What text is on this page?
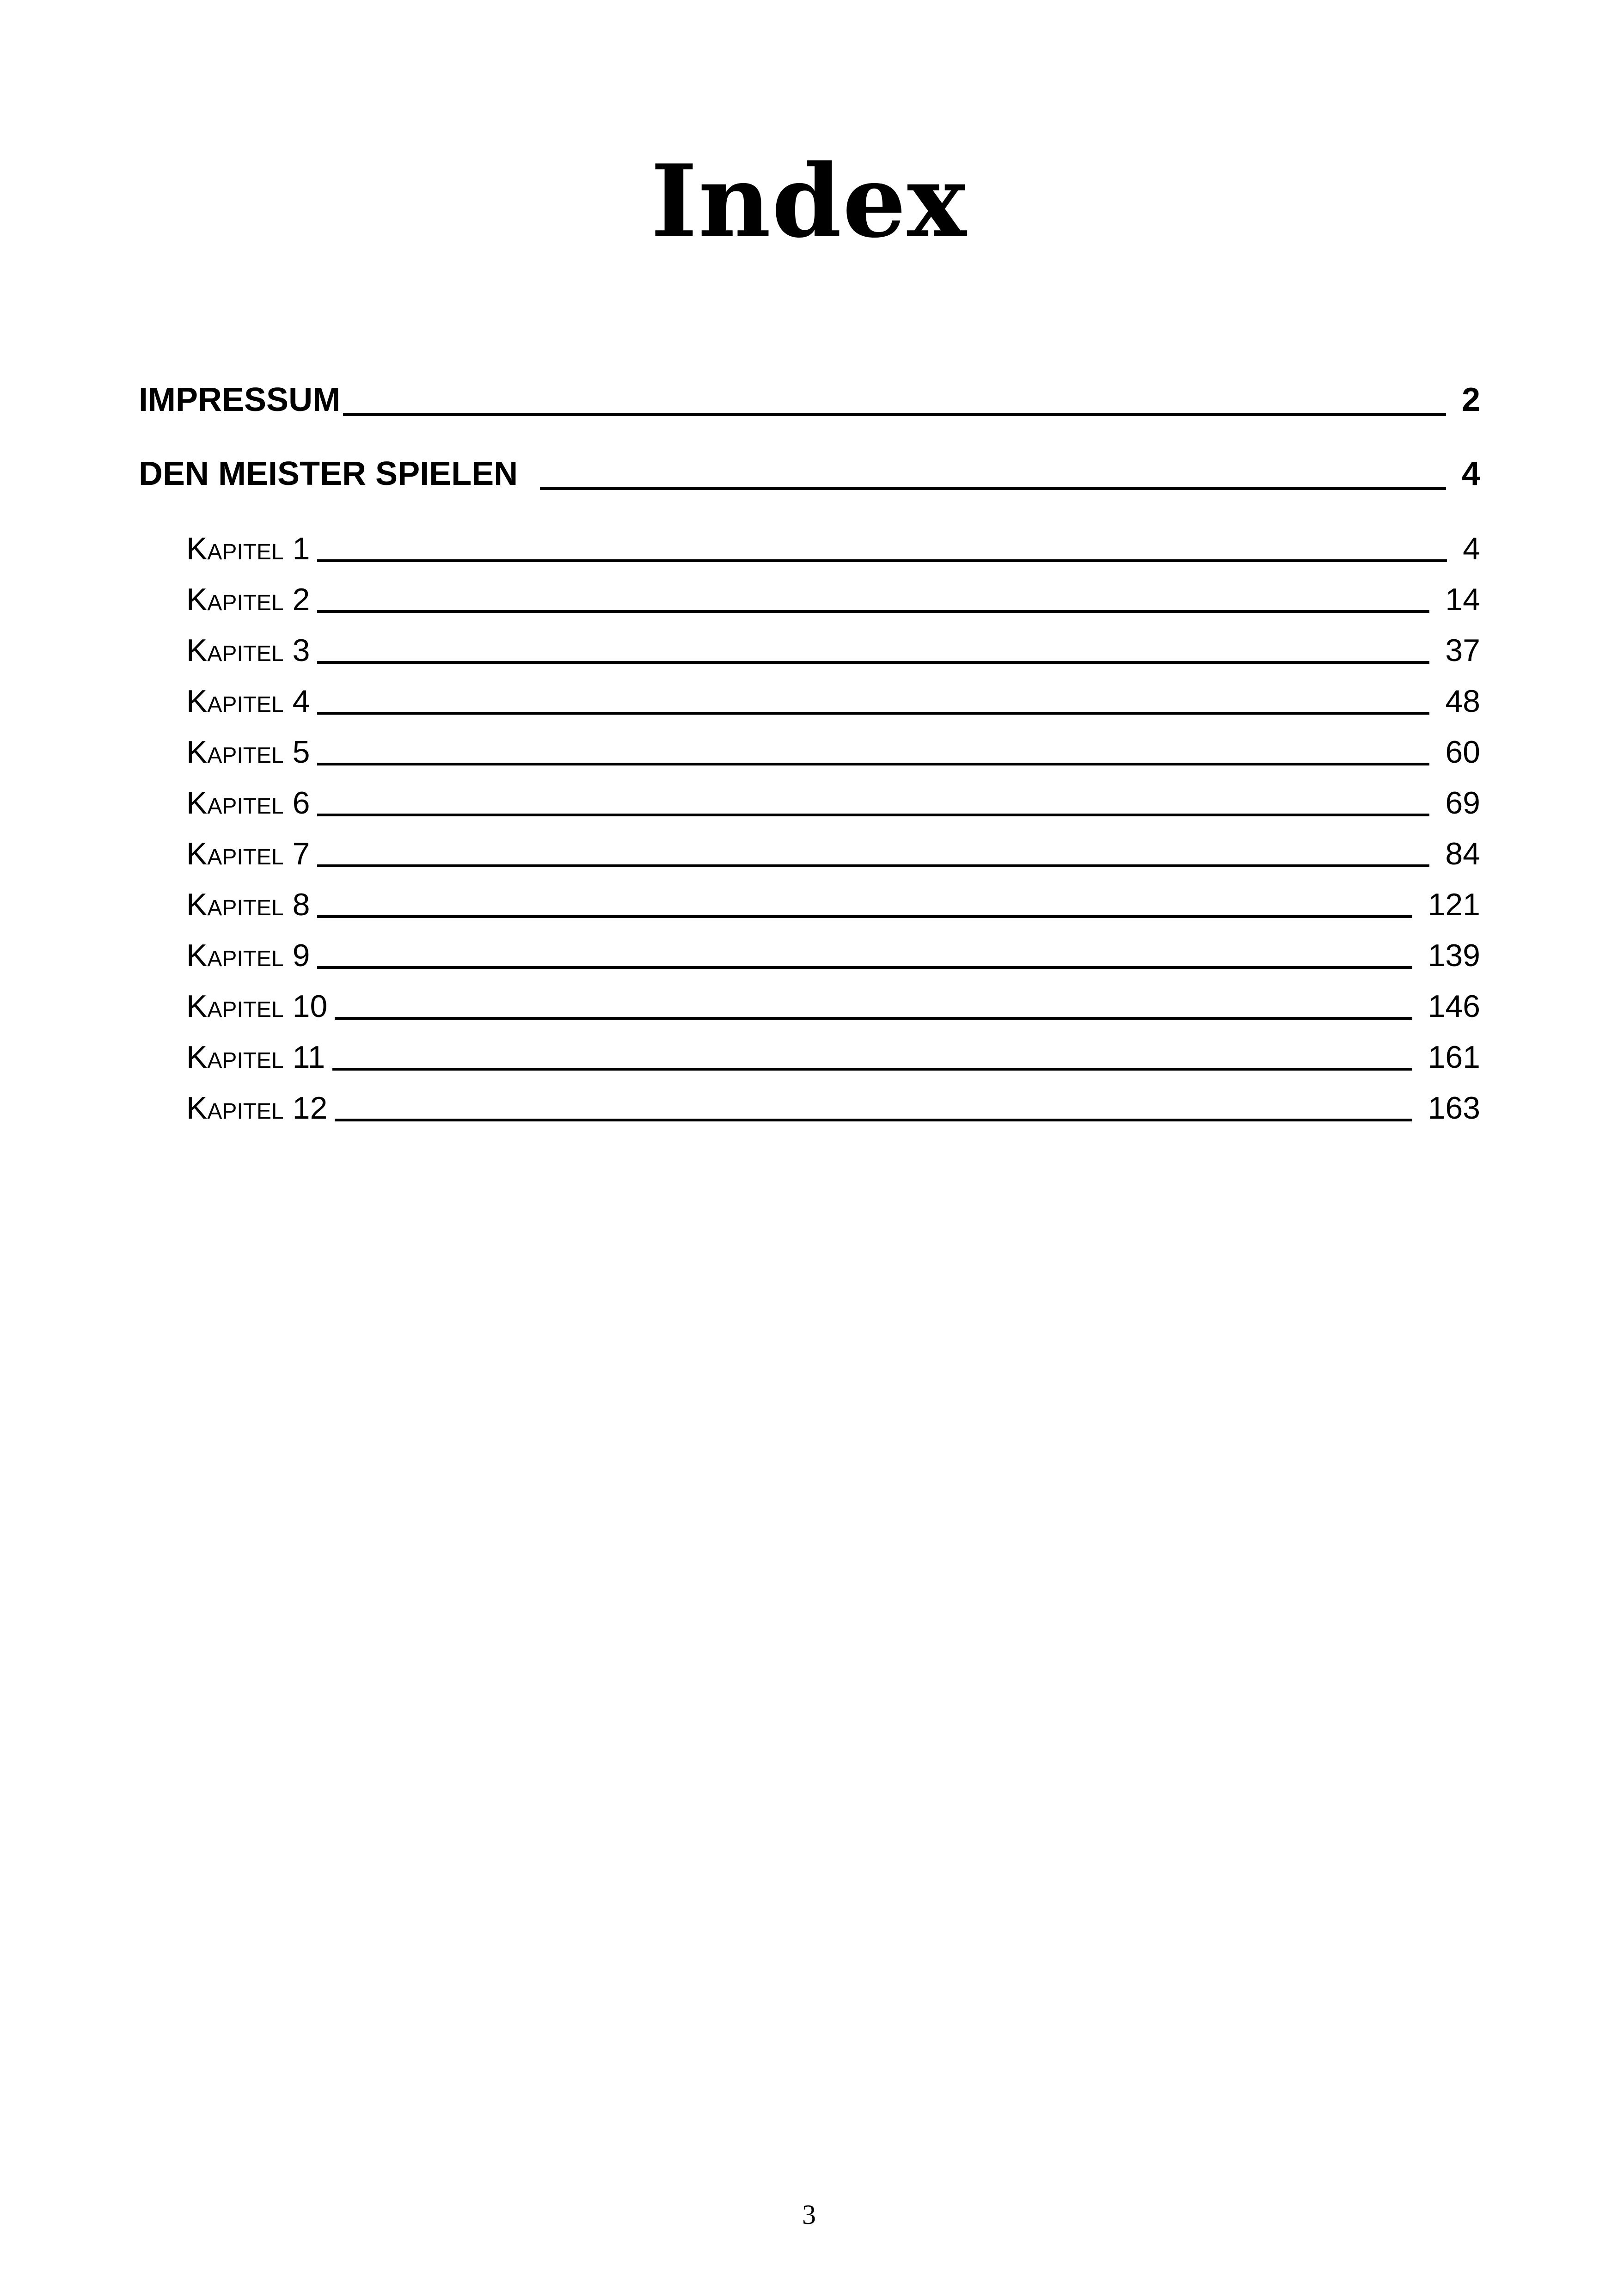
Index
IMPRESSUM	2
DEN MEISTER SPIELEN	4
Kapitel 1	4
Kapitel 2	14
Kapitel 3	37
Kapitel 4	48
Kapitel 5	60
Kapitel 6	69
Kapitel 7	84
Kapitel 8	121
Kapitel 9	139
Kapitel 10	146
Kapitel 11	161
Kapitel 12	163
3
